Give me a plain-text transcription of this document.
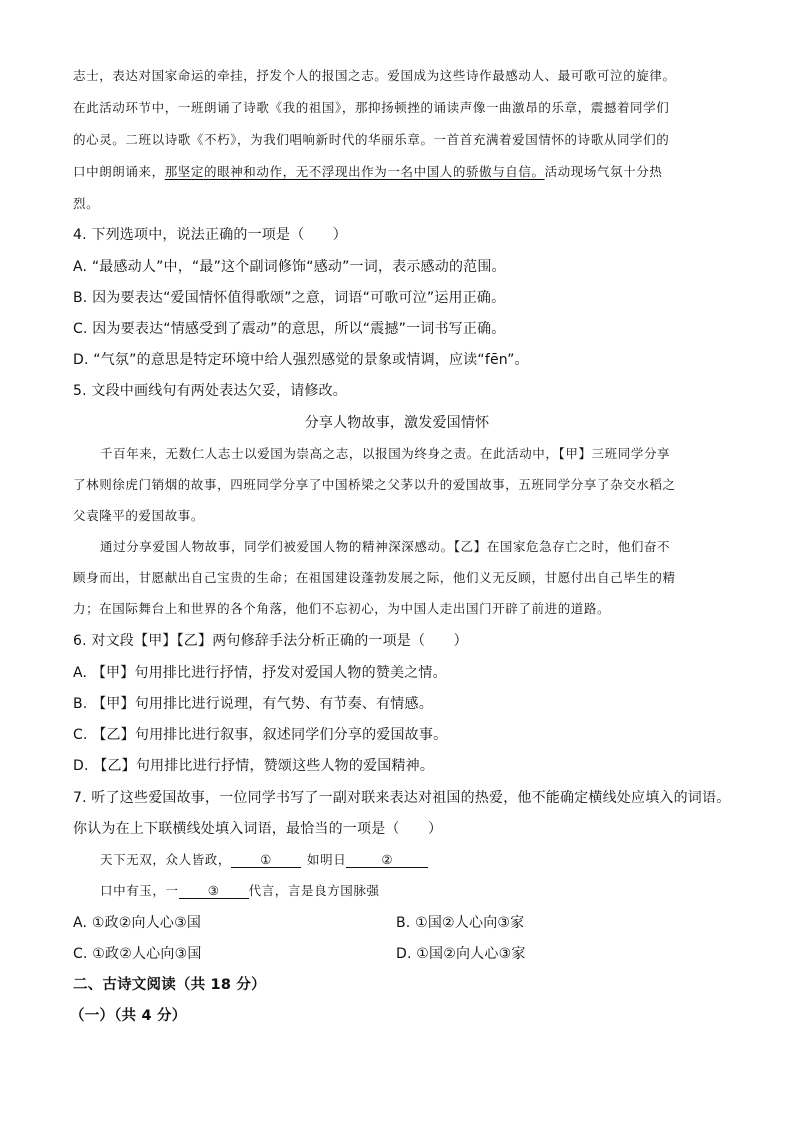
志士，表达对国家命运的牵挂，抒发个人的报国之志。爱国成为这些诗作最感动人、最可歌可泣的旋律。
在此活动环节中，一班朗诵了诗歌《我的祖国》，那抑扬顿挫的诵读声像一曲激昂的乐章，震撼着同学们
的心灵。二班以诗歌《不朽》，为我们唱响新时代的华丽乐章。一首首充满着爱国情怀的诗歌从同学们的
口中朗朗诵来，那坚定的眼神和动作，无不浮现出作为一名中国人的骄傲与自信。活动现场气氛十分热
烈。
4. 下列选项中，说法正确的一项是（　　）
A. “最感动人”中，“最”这个副词修饰“感动”一词，表示感动的范围。
B. 因为要表达“爱国情怀值得歌颂”之意，词语“可歌可泣”运用正确。
C. 因为要表达“情感受到了震动”的意思，所以“震撼”一词书写正确。
D. “气氛”的意思是特定环境中给人强烈感觉的景象或情调，应读“fēn”。
5. 文段中画线句有两处表达欠妥，请修改。
分享人物故事，激发爱国情怀
千百年来，无数仁人志士以爱国为崇高之志，以报国为终身之责。在此活动中，【甲】三班同学分享
了林则徐虎门销烟的故事，四班同学分享了中国桥梁之父茅以升的爱国故事，五班同学分享了杂交水稻之
父袁隆平的爱国故事。
通过分享爱国人物故事，同学们被爱国人物的精神深深感动。【乙】在国家危急存亡之时，他们奋不
顾身而出，甘愿献出自己宝贵的生命；在祖国建设蓬勃发展之际，他们义无反顾，甘愿付出自己毕生的精
力；在国际舞台上和世界的各个角落，他们不忘初心，为中国人走出国门开辟了前进的道路。
6. 对文段【甲】【乙】两句修辞手法分析正确的一项是（　　）
A. 【甲】句用排比进行抒情，抒发对爱国人物的赞美之情。
B. 【甲】句用排比进行说理，有气势、有节奏、有情感。
C. 【乙】句用排比进行叙事，叙述同学们分享的爱国故事。
D. 【乙】句用排比进行抒情，赞颂这些人物的爱国精神。
7. 听了这些爱国故事，一位同学书写了一副对联来表达对祖国的热爱，他不能确定横线处应填入的词语。
你认为在上下联横线处填入词语，最恰当的一项是（　　）
天下无双，众人皆政， ①	如明日	②
口中有玉，一 ③ 代言，言是良方国脉强
A. ①政②向人心③国	B. ①国②人心向③家
C. ①政②人心向③国	D. ①国②向人心③家
二、古诗文阅读（共 18 分）
（一）（共 4 分）
